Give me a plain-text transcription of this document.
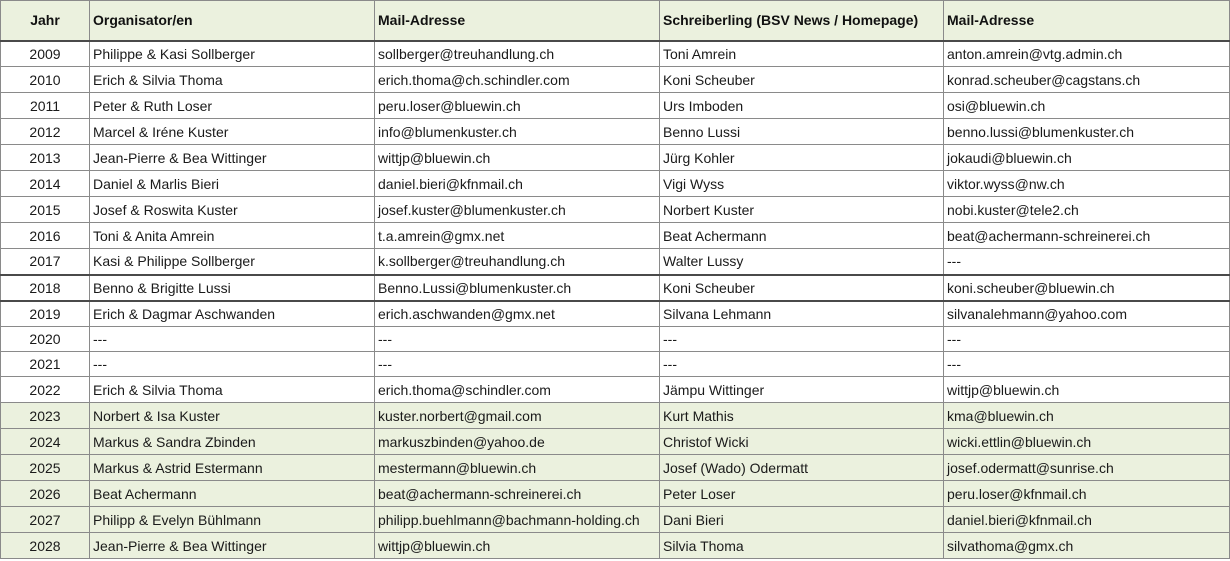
Jahr	Organisator/en	Mail-Adresse	Schreiberling (BSV News / Homepage)	Mail-Adresse
2009	Philippe & Kasi Sollberger	sollberger@treuhandlung.ch	Toni Amrein	anton.amrein@vtg.admin.ch
2010	Erich & Silvia Thoma	erich.thoma@ch.schindler.com	Koni Scheuber	konrad.scheuber@cagstans.ch
2011	Peter & Ruth Loser	peru.loser@bluewin.ch	Urs Imboden	osi@bluewin.ch
2012	Marcel & Iréne Kuster	info@blumenkuster.ch	Benno Lussi	benno.lussi@blumenkuster.ch
2013	Jean-Pierre & Bea Wittinger	wittjp@bluewin.ch	Jürg Kohler	jokaudi@bluewin.ch
2014	Daniel & Marlis Bieri	daniel.bieri@kfnmail.ch	Vigi Wyss	viktor.wyss@nw.ch
2015	Josef & Roswita Kuster	josef.kuster@blumenkuster.ch	Norbert Kuster	nobi.kuster@tele2.ch
2016	Toni & Anita Amrein	t.a.amrein@gmx.net	Beat Achermann	beat@achermann-schreinerei.ch
2017	Kasi & Philippe Sollberger	k.sollberger@treuhandlung.ch	Walter Lussy	---
2018	Benno & Brigitte Lussi	Benno.Lussi@blumenkuster.ch	Koni Scheuber	koni.scheuber@bluewin.ch
2019	Erich & Dagmar Aschwanden	erich.aschwanden@gmx.net	Silvana Lehmann	silvanalehmann@yahoo.com
2020	---	---	---	---
2021	---	---	---	---
2022	Erich & Silvia Thoma	erich.thoma@schindler.com	Jämpu Wittinger	wittjp@bluewin.ch
2023	Norbert & Isa Kuster	kuster.norbert@gmail.com	Kurt Mathis	kma@bluewin.ch
2024	Markus & Sandra Zbinden	markuszbinden@yahoo.de	Christof Wicki	wicki.ettlin@bluewin.ch
2025	Markus & Astrid Estermann	mestermann@bluewin.ch	Josef (Wado) Odermatt	josef.odermatt@sunrise.ch
2026	Beat Achermann	beat@achermann-schreinerei.ch	Peter Loser	peru.loser@kfnmail.ch
2027	Philipp & Evelyn Bühlmann	philipp.buehlmann@bachmann-holding.ch	Dani Bieri	daniel.bieri@kfnmail.ch
2028	Jean-Pierre & Bea Wittinger	wittjp@bluewin.ch	Silvia Thoma	silvathoma@gmx.ch
